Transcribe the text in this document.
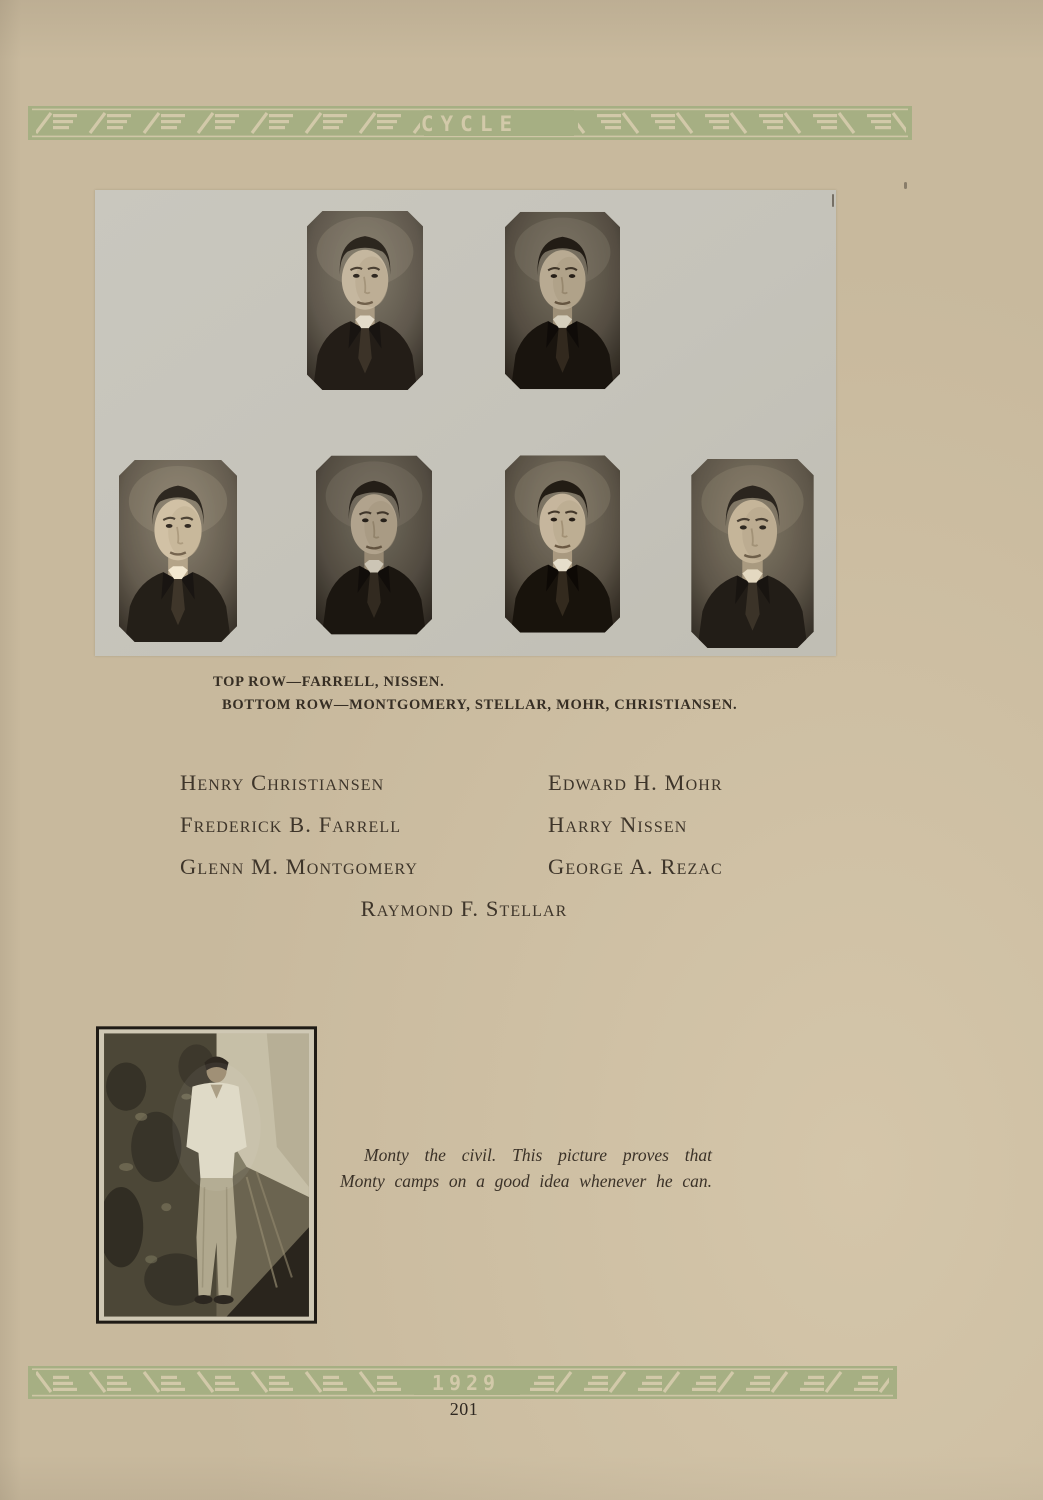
CYCLE
TOP ROW—FARRELL, NISSEN.
BOTTOM ROW—MONTGOMERY, STELLAR, MOHR, CHRISTIANSEN.
Henry Christiansen	Edward H. Mohr
Frederick B. Farrell	Harry Nissen
Glenn M. Montgomery	George A. Rezac
Raymond F. Stellar
Monty the civil. This picture proves that
Monty camps on a good idea whenever he can.
1929
201
